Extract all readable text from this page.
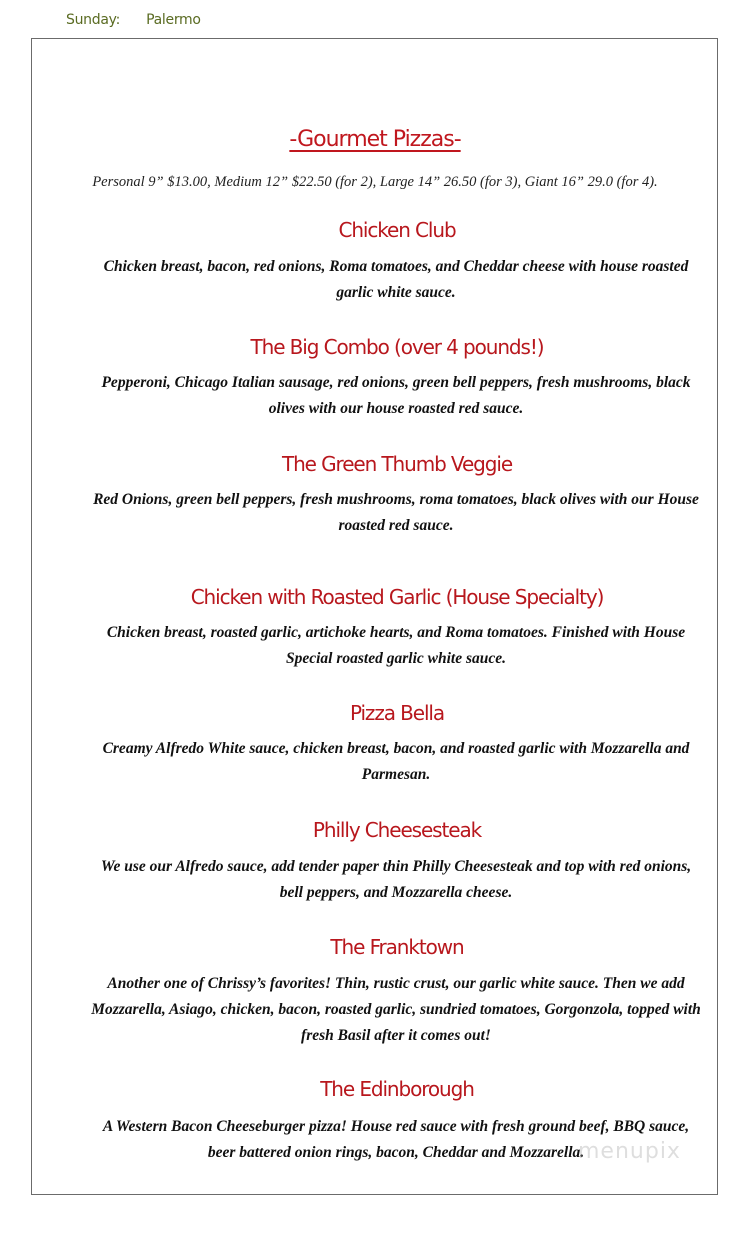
Sunday: Palermo
-Gourmet Pizzas-
Personal 9” $13.00, Medium 12” $22.50 (for 2), Large 14” 26.50 (for 3), Giant 16” 29.0 (for 4).
Chicken Club
Chicken breast, bacon, red onions, Roma tomatoes, and Cheddar cheese with house roasted garlic white sauce.
The Big Combo (over 4 pounds!)
Pepperoni, Chicago Italian sausage, red onions, green bell peppers, fresh mushrooms, black olives with our house roasted red sauce.
The Green Thumb Veggie
Red Onions, green bell peppers, fresh mushrooms, roma tomatoes, black olives with our House roasted red sauce.
Chicken with Roasted Garlic (House Specialty)
Chicken breast, roasted garlic, artichoke hearts, and Roma tomatoes. Finished with House Special roasted garlic white sauce.
Pizza Bella
Creamy Alfredo White sauce, chicken breast, bacon, and roasted garlic with Mozzarella and Parmesan.
Philly Cheesesteak
We use our Alfredo sauce, add tender paper thin Philly Cheesesteak and top with red onions, bell peppers, and Mozzarella cheese.
The Franktown
Another one of Chrissy’s favorites! Thin, rustic crust, our garlic white sauce. Then we add Mozzarella, Asiago, chicken, bacon, roasted garlic, sundried tomatoes, Gorgonzola, topped with fresh Basil after it comes out!
The Edinborough
A Western Bacon Cheeseburger pizza! House red sauce with fresh ground beef, BBQ sauce, beer battered onion rings, bacon, Cheddar and Mozzarella.
menupix
